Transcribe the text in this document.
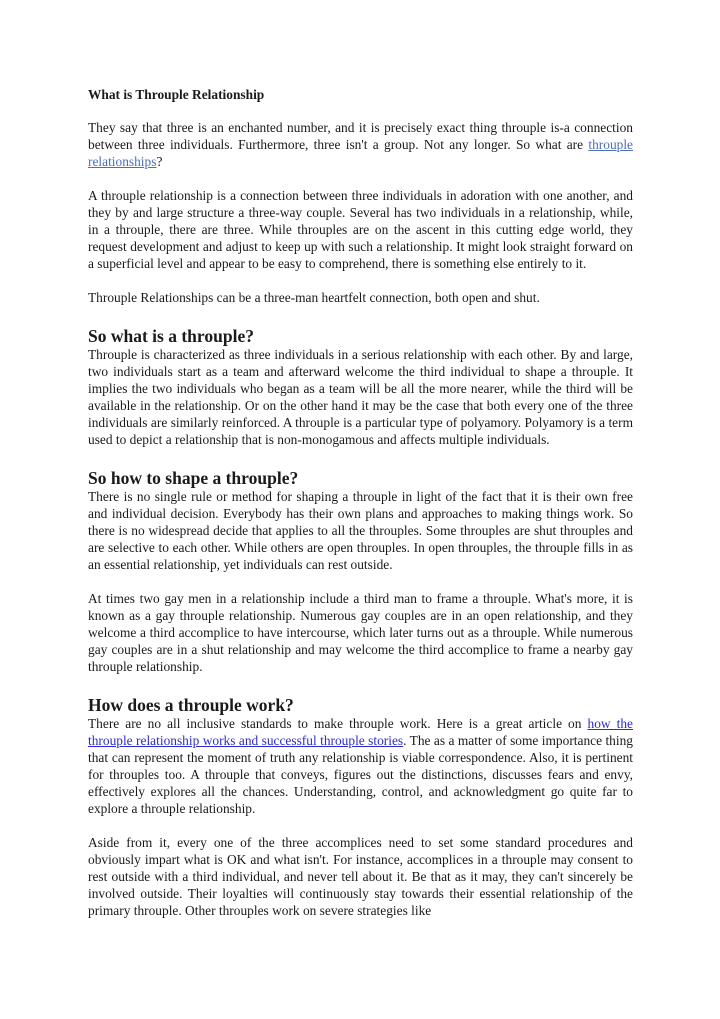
What is Throuple Relationship

They say that three is an enchanted number, and it is precisely exact thing throuple is-a connection between three individuals. Furthermore, three isn't a group. Not any longer. So what are throuple relationships?

A throuple relationship is a connection between three individuals in adoration with one another, and they by and large structure a three-way couple. Several has two individuals in a relationship, while, in a throuple, there are three. While throuples are on the ascent in this cutting edge world, they request development and adjust to keep up with such a relationship. It might look straight forward on a superficial level and appear to be easy to comprehend, there is something else entirely to it.

Throuple Relationships can be a three-man heartfelt connection, both open and shut.

So what is a throuple?

Throuple is characterized as three individuals in a serious relationship with each other. By and large, two individuals start as a team and afterward welcome the third individual to shape a throuple. It implies the two individuals who began as a team will be all the more nearer, while the third will be available in the relationship. Or on the other hand it may be the case that both every one of the three individuals are similarly reinforced. A throuple is a particular type of polyamory. Polyamory is a term used to depict a relationship that is non-monogamous and affects multiple individuals.

So how to shape a throuple?

There is no single rule or method for shaping a throuple in light of the fact that it is their own free and individual decision. Everybody has their own plans and approaches to making things work. So there is no widespread decide that applies to all the throuples. Some throuples are shut throuples and are selective to each other. While others are open throuples. In open throuples, the throuple fills in as an essential relationship, yet individuals can rest outside.

At times two gay men in a relationship include a third man to frame a throuple. What's more, it is known as a gay throuple relationship. Numerous gay couples are in an open relationship, and they welcome a third accomplice to have intercourse, which later turns out as a throuple. While numerous gay couples are in a shut relationship and may welcome the third accomplice to frame a nearby gay throuple relationship.

How does a throuple work?

There are no all inclusive standards to make throuple work. Here is a great article on how the throuple relationship works and successful throuple stories. The as a matter of some importance thing that can represent the moment of truth any relationship is viable correspondence. Also, it is pertinent for throuples too. A throuple that conveys, figures out the distinctions, discusses fears and envy, effectively explores all the chances. Understanding, control, and acknowledgment go quite far to explore a throuple relationship.

Aside from it, every one of the three accomplices need to set some standard procedures and obviously impart what is OK and what isn't. For instance, accomplices in a throuple may consent to rest outside with a third individual, and never tell about it. Be that as it may, they can't sincerely be involved outside. Their loyalties will continuously stay towards their essential relationship of the primary throuple. Other throuples work on severe strategies like
